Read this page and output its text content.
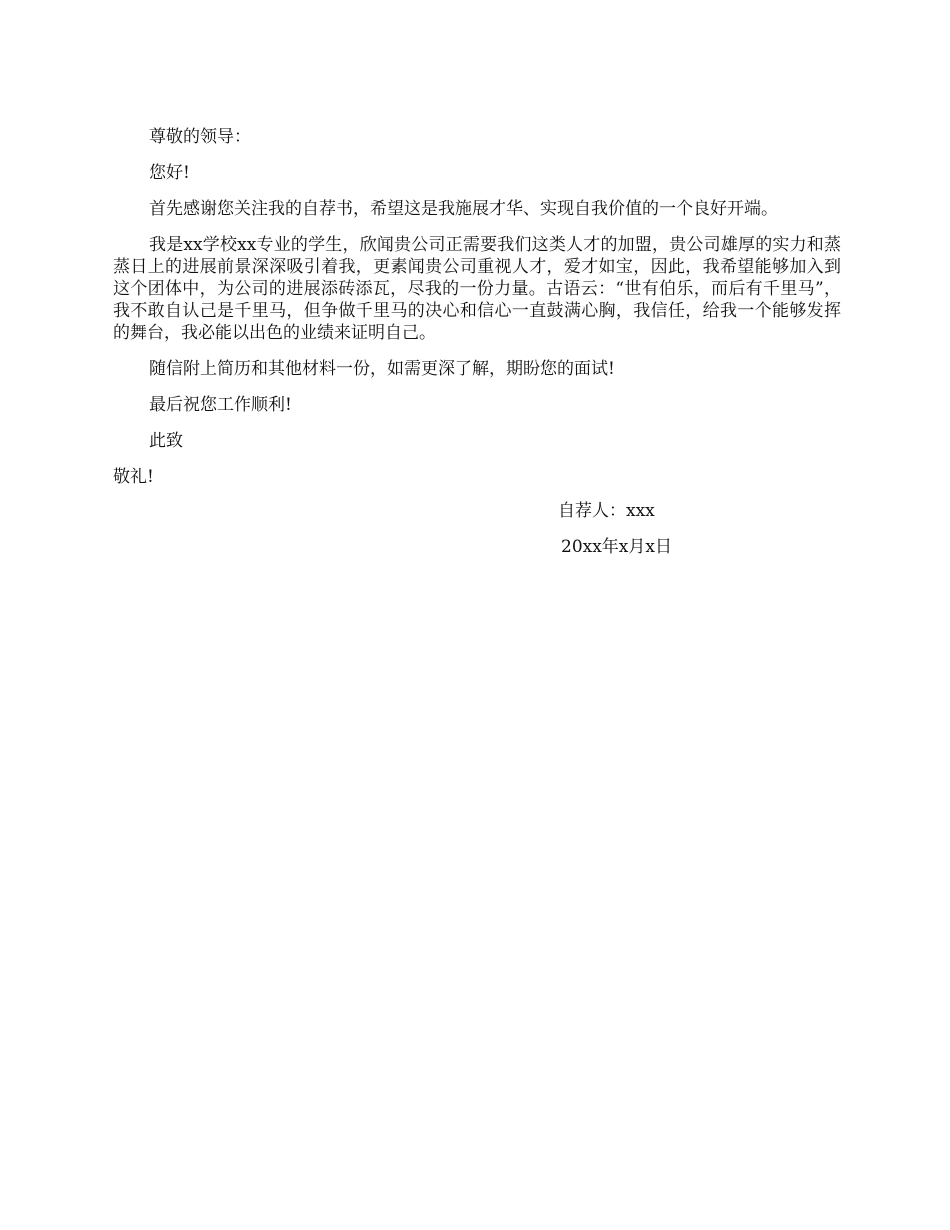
尊敬的领导：

您好!

首先感谢您关注我的自荐书，希望这是我施展才华、实现自我价值的一个良好开端。

我是xx学校xx专业的学生，欣闻贵公司正需要我们这类人才的加盟，贵公司雄厚的实力和蒸蒸日上的进展前景深深吸引着我，更素闻贵公司重视人才，爱才如宝，因此，我希望能够加入到这个团体中，为公司的进展添砖添瓦，尽我的一份力量。古语云：“世有伯乐，而后有千里马”，我不敢自认己是千里马，但争做千里马的决心和信心一直鼓满心胸，我信任，给我一个能够发挥的舞台，我必能以出色的业绩来证明自己。

随信附上简历和其他材料一份，如需更深了解，期盼您的面试!

最后祝您工作顺利!

此致

敬礼!

自荐人：xxx
20xx年x月x日
